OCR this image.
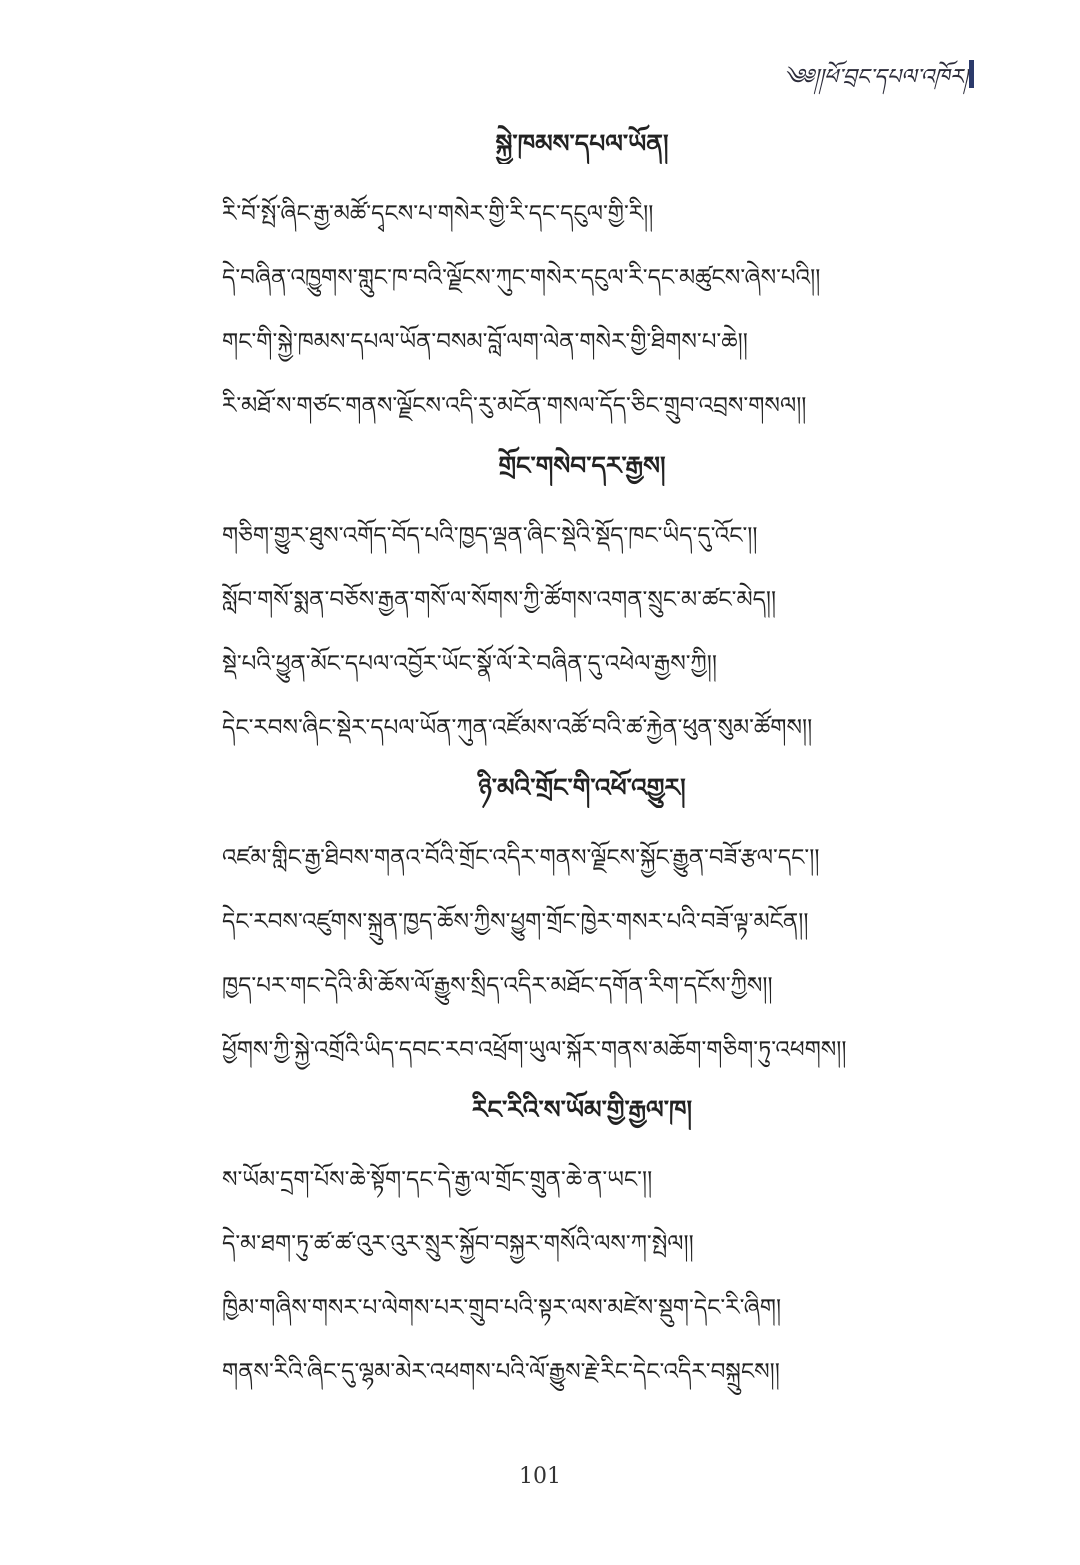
༄༅།།ཕོ་བྲང་དཔལ་འཁོར།
སྐྱེ་ཁམས་དཔལ་ཡོན།
རི་བོ་སྤོ་ཞིང་རྒྱ་མཚོ་དྭངས་པ་གསེར་གྱི་རི་དང་དངུལ་གྱི་རི།།
དེ་བཞིན་འཁྱུགས་གླུང་ཁ་བའི་ལྗོངས་ཀུང་གསེར་དངུལ་རི་དང་མཚུངས་ཞེས་པའི།།
གང་གི་སྐྱེ་ཁམས་དཔལ་ཡོན་བསམ་བློ་ལག་ལེན་གསེར་གྱི་ཐིགས་པ་ཆེ།།
རི་མཐོ་ས་གཙང་གནས་ལྗོངས་འདི་རུ་མངོན་གསལ་དོད་ཅིང་གྲུབ་འབྲས་གསལ།།
གྲོང་གསེབ་དར་རྒྱས།
གཅིག་གྱུར་ཐུས་འགོད་བོད་པའི་ཁྱད་ལྡན་ཞིང་སྡེའི་སྡོད་ཁང་ཡིད་དུ་འོང་།།
སློབ་གསོ་སྨན་བཅོས་རྒྱན་གསོ་ལ་སོགས་ཀྱི་ཚོགས་འགན་སྲུང་མ་ཚང་མེད།།
སྡེ་པའི་ཕྱུན་མོང་དཔལ་འབྱོར་ཡོང་སྣོ་ལོ་རེ་བཞིན་དུ་འཕེལ་རྒྱས་ཀྱི།།
དེང་རབས་ཞིང་སྡེར་དཔལ་ཡོན་ཀུན་འཛོམས་འཚོ་བའི་ཚ་རྐྱེན་ཕུན་སུམ་ཚོགས།།
ཉི་མའི་གྲོང་གི་འཕོ་འགྱུར།
འཛམ་གླིང་རྒྱ་ཐིབས་གནའ་བོའི་གྲོང་འདིར་གནས་ལྗོངས་སྐྱོང་རྒྱུན་བཟོ་རྩལ་དང་།།
དེང་རབས་འཛུགས་སྐྲུན་ཁྱད་ཆོས་ཀྱིས་ཕྱུག་གྲོང་ཁྱེར་གསར་པའི་བཟོ་ལྟ་མངོན།།
ཁྱད་པར་གང་དེའི་མི་ཆོས་ལོ་རྒྱུས་སྲིད་འདིར་མཐོང་དགོན་རིག་དངོས་ཀྱིས།།
ཕྱོགས་ཀྱི་སྐྱེ་འགྲོའི་ཡིད་དབང་རབ་འཕྲོག་ཡུལ་སྐོར་གནས་མཆོག་གཅིག་ཏུ་འཕགས།།
རིང་རིའི་ས་ཡོམ་གྱི་རྒྱལ་ཁ།
ས་ཡོམ་དྲག་པོས་ཆེ་སྟོག་དང་དེ་རྒྱ་ལ་གྲོང་གྲུན་ཆེ་ན་ཡང་།།
དེ་མ་ཐག་ཏུ་ཚ་ཚ་འུར་འུར་སྲུར་སྐྱོབ་བསྐྱར་གསོའི་ལས་ཀ་སྤེལ།།
ཁྱིམ་གཞིས་གསར་པ་ལེགས་པར་གྲུབ་པའི་སྟར་ལས་མཛེས་སྡུག་དེང་རི་ཞིག།
གནས་རིའི་ཞིང་དུ་ལྷམ་མེར་འཕགས་པའི་ལོ་རྒྱུས་རྗེ་རིང་དེང་འདིར་བསྐྲུངས།།
101
